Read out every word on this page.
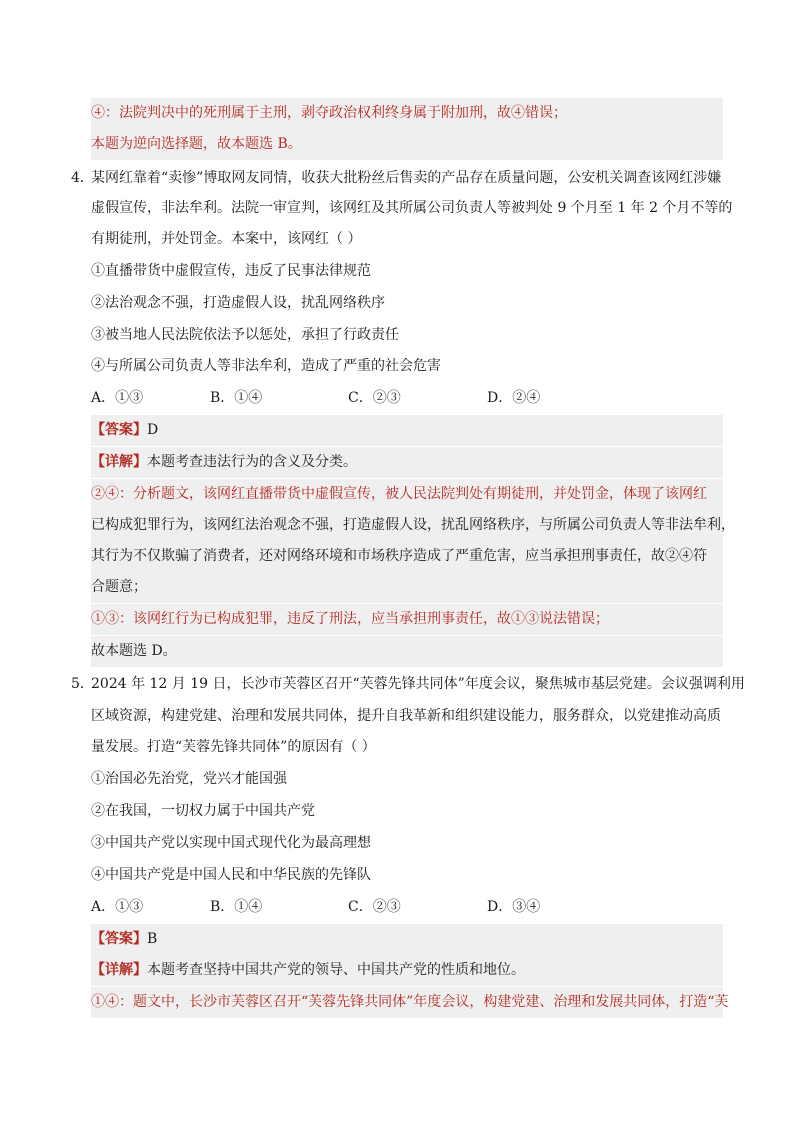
④：法院判决中的死刑属于主刑，剥夺政治权利终身属于附加刑，故④错误；
本题为逆向选择题，故本题选 B。
4．
某网红靠着“卖惨”博取网友同情，收获大批粉丝后售卖的产品存在质量问题，公安机关调查该网红涉嫌
虚假宣传，非法牟利。法院一审宣判，该网红及其所属公司负责人等被判处 9 个月至 1 年 2 个月不等的
有期徒刑，并处罚金。本案中，该网红（ ）
①直播带货中虚假宣传，违反了民事法律规范
②法治观念不强，打造虚假人设，扰乱网络秩序
③被当地人民法院依法予以惩处，承担了行政责任
④与所属公司负责人等非法牟利，造成了严重的社会危害
A．①③	B．①④	C．②③	D．②④
【答案】D
【详解】本题考查违法行为的含义及分类。
②④：分析题文，该网红直播带货中虚假宣传，被人民法院判处有期徒刑，并处罚金，体现了该网红
已构成犯罪行为，该网红法治观念不强，打造虚假人设，扰乱网络秩序，与所属公司负责人等非法牟利，
其行为不仅欺骗了消费者，还对网络环境和市场秩序造成了严重危害，应当承担刑事责任，故②④符
合题意；
①③：该网红行为已构成犯罪，违反了刑法，应当承担刑事责任，故①③说法错误；
故本题选 D。
5．
2024 年 12 月 19 日，长沙市芙蓉区召开“芙蓉先锋共同体”年度会议，聚焦城市基层党建。会议强调利用
区域资源，构建党建、治理和发展共同体，提升自我革新和组织建设能力，服务群众，以党建推动高质
量发展。打造“芙蓉先锋共同体”的原因有（ ）
①治国必先治党，党兴才能国强
②在我国，一切权力属于中国共产党
③中国共产党以实现中国式现代化为最高理想
④中国共产党是中国人民和中华民族的先锋队
A．①③	B．①④	C．②③	D．③④
【答案】B
【详解】本题考查坚持中国共产党的领导、中国共产党的性质和地位。
①④：题文中，长沙市芙蓉区召开“芙蓉先锋共同体”年度会议，构建党建、治理和发展共同体，打造“芙
